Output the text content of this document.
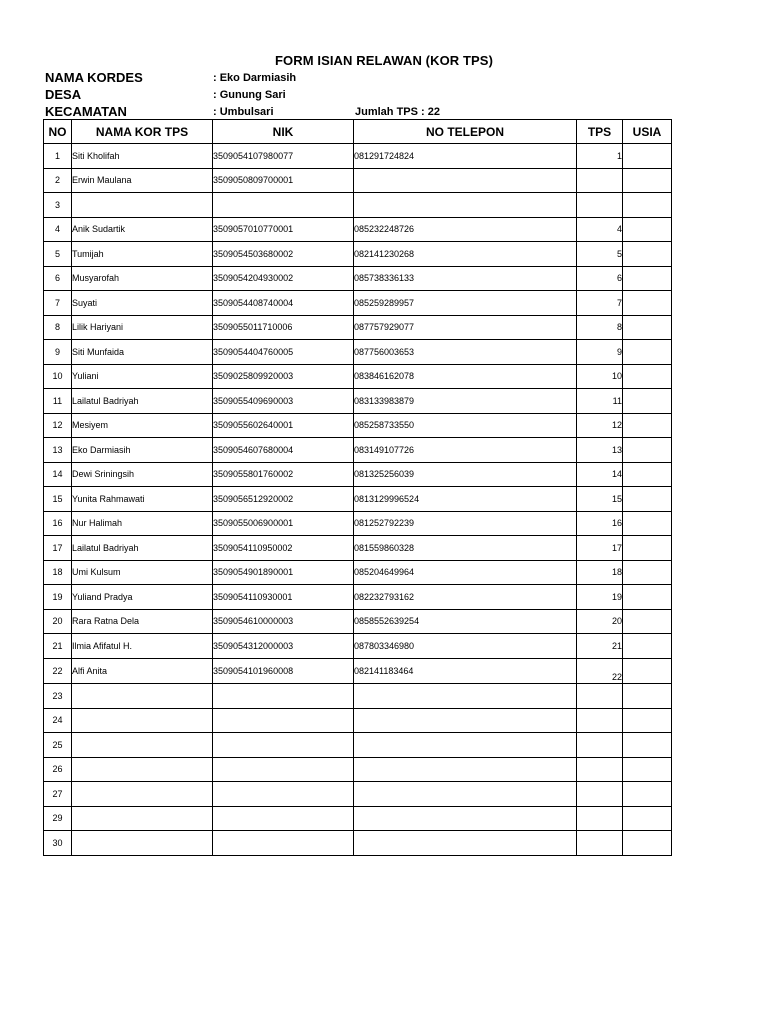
FORM ISIAN RELAWAN (KOR TPS)
NAMA KORDES	: Eko Darmiasih
DESA	: Gunung Sari
KECAMATAN	: Umbulsari	Jumlah TPS : 22
NO	NAMA KOR TPS	NIK	NO TELEPON	TPS	USIA
1	Siti Kholifah	3509054107980077	081291724824	1	
2	Erwin Maulana	3509050809700001			
3					
4	Anik Sudartik	3509057010770001	085232248726	4	
5	Tumijah	3509054503680002	082141230268	5	
6	Musyarofah	3509054204930002	085738336133	6	
7	Suyati	3509054408740004	085259289957	7	
8	Lilik Hariyani	3509055011710006	087757929077	8	
9	Siti Munfaida	3509054404760005	087756003653	9	
10	Yuliani	3509025809920003	083846162078	10	
11	Lailatul Badriyah	3509055409690003	083133983879	11	
12	Mesiyem	3509055602640001	085258733550	12	
13	Eko Darmiasih	3509054607680004	083149107726	13	
14	Dewi Sriningsih	3509055801760002	081325256039	14	
15	Yunita Rahmawati	3509056512920002	0813129996524	15	
16	Nur Halimah	3509055006900001	081252792239	16	
17	Lailatul Badriyah	3509054110950002	081559860328	17	
18	Umi Kulsum	3509054901890001	085204649964	18	
19	Yuliand Pradya	3509054110930001	082232793162	19	
20	Rara Ratna Dela	3509054610000003	0858552639254	20	
21	Ilmia Afifatul H.	3509054312000003	087803346980	21	
22	Alfi Anita	3509054101960008	082141183464	22	
23					
24					
25					
26					
27					
29					
30					
